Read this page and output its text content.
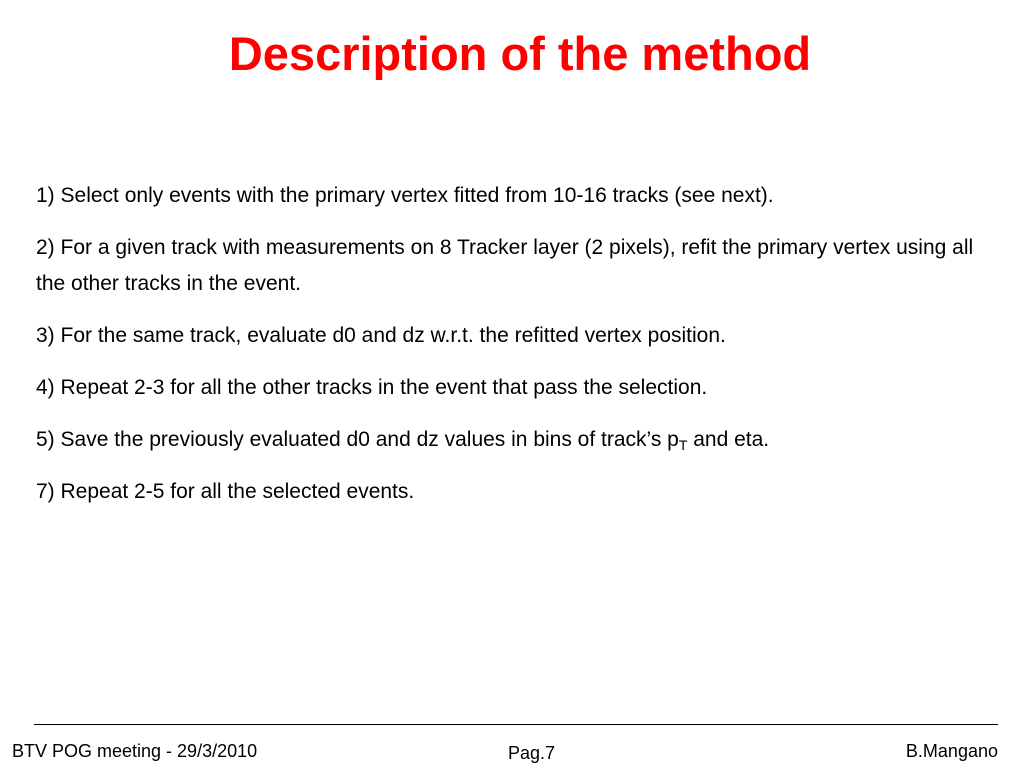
Description of the method
1) Select only events with the primary vertex fitted from 10-16 tracks (see next).
2) For a given track with measurements on 8 Tracker layer (2 pixels), refit the primary vertex using all the other tracks in the event.
3) For the same track, evaluate d0 and dz w.r.t. the refitted vertex position.
4) Repeat 2-3 for all the other tracks in the event that pass the selection.
5) Save the previously evaluated d0 and dz values in bins of track’s $p_T$ and eta.
7) Repeat 2-5 for all the selected events.
BTV POG meeting - 29/3/2010	Pag.7	B.Mangano
